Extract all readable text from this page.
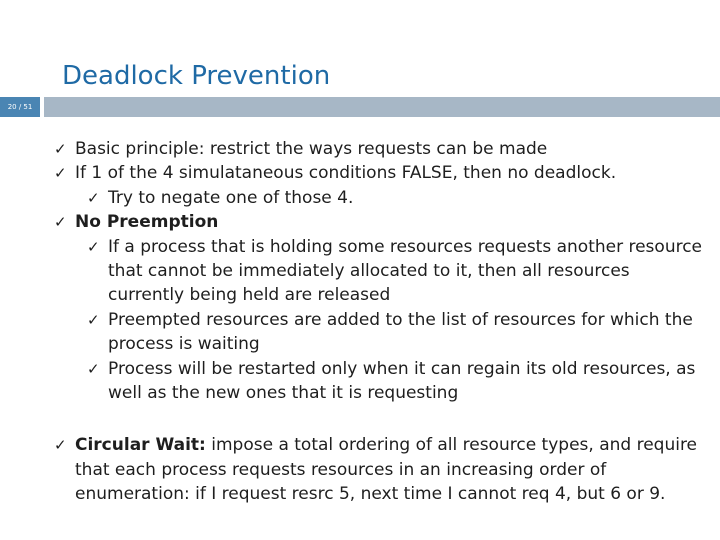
Deadlock Prevention
20 / 51
✓ Basic principle: restrict the ways requests can be made
✓ If 1 of the 4 simulataneous conditions FALSE, then no deadlock.
✓ Try to negate one of those 4.
✓ No Preemption
✓ If a process that is holding some resources requests another resource that cannot be immediately allocated to it, then all resources currently being held are released
✓ Preempted resources are added to the list of resources for which the process is waiting
✓ Process will be restarted only when it can regain its old resources, as well as the new ones that it is requesting
✓ Circular Wait: impose a total ordering of all resource types, and require that each process requests resources in an increasing order of enumeration: if I request resrc 5, next time I cannot req 4, but 6 or 9.
